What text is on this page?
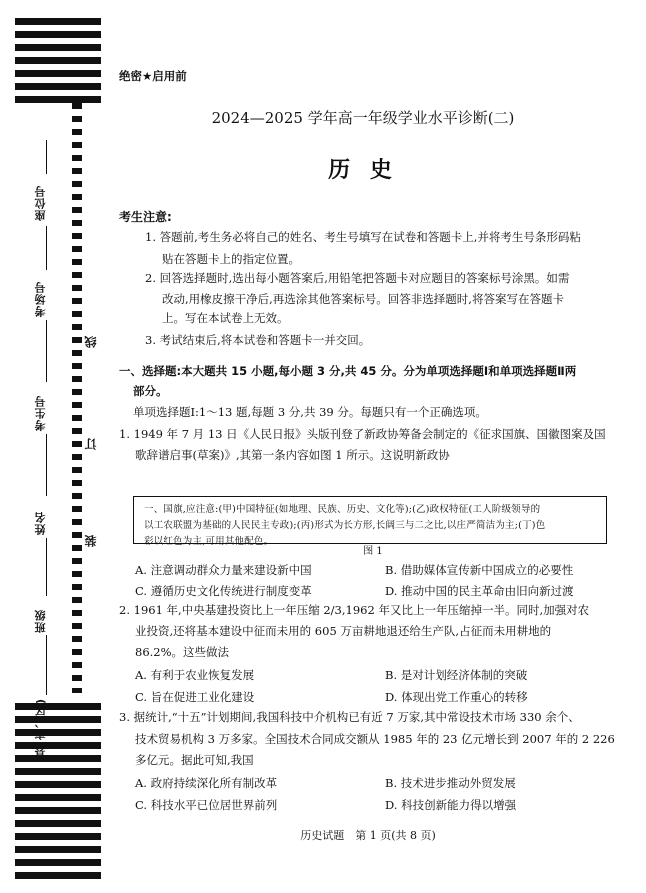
县(市、区)
班级
姓名
考生号
考场号
座位号
线
订
装
绝密★启用前
2024—2025 学年高一年级学业水平诊断(二)
历 史
考生注意:
1. 答题前,考生务必将自己的姓名、考生号填写在试卷和答题卡上,并将考生号条形码粘
贴在答题卡上的指定位置。
2. 回答选择题时,选出每小题答案后,用铅笔把答题卡对应题目的答案标号涂黑。如需
改动,用橡皮擦干净后,再选涂其他答案标号。回答非选择题时,将答案写在答题卡
上。写在本试卷上无效。
3. 考试结束后,将本试卷和答题卡一并交回。
一、选择题:本大题共 15 小题,每小题 3 分,共 45 分。分为单项选择题Ⅰ和单项选择题Ⅱ两
部分。
单项选择题Ⅰ:1～13 题,每题 3 分,共 39 分。每题只有一个正确选项。
1. 1949 年 7 月 13 日《人民日报》头版刊登了新政协筹备会制定的《征求国旗、国徽图案及国
歌辞谱启事(草案)》,其第一条内容如图 1 所示。这说明新政协
一、国旗,应注意:(甲)中国特征(如地理、民族、历史、文化等);(乙)政权特征(工人阶级领导的
以工农联盟为基础的人民民主专政);(丙)形式为长方形,长阔三与二之比,以庄严简洁为主;(丁)色
彩以红色为主,可用其他配色。
图 1
A. 注意调动群众力量来建设新中国	B. 借助媒体宣传新中国成立的必要性
C. 遵循历史文化传统进行制度变革	D. 推动中国的民主革命由旧向新过渡
2. 1961 年,中央基建投资比上一年压缩 2/3,1962 年又比上一年压缩掉一半。同时,加强对农
业投资,还将基本建设中征而未用的 605 万亩耕地退还给生产队,占征而未用耕地的
86.2%。这些做法
A. 有利于农业恢复发展	B. 是对计划经济体制的突破
C. 旨在促进工业化建设	D. 体现出党工作重心的转移
3. 据统计,“十五”计划期间,我国科技中介机构已有近 7 万家,其中常设技术市场 330 余个、
技术贸易机构 3 万多家。全国技术合同成交额从 1985 年的 23 亿元增长到 2007 年的 2 226
多亿元。据此可知,我国
A. 政府持续深化所有制改革	B. 技术进步推动外贸发展
C. 科技水平已位居世界前列	D. 科技创新能力得以增强
历史试题　第 1 页(共 8 页)
